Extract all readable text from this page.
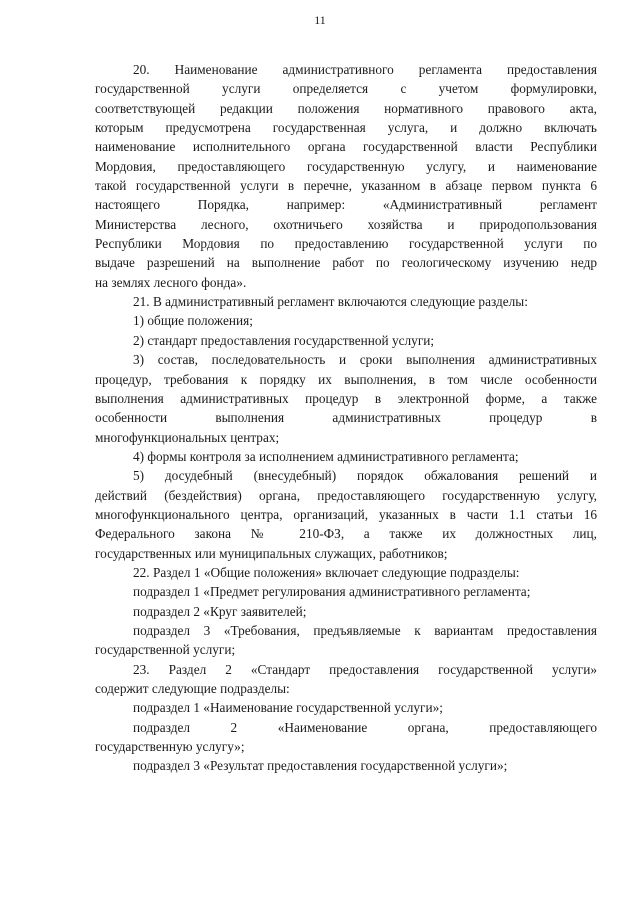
11
20. Наименование административного регламента предоставления
государственной услуги определяется с учетом формулировки,
соответствующей редакции положения нормативного правового акта,
которым предусмотрена государственная услуга, и должно включать
наименование исполнительного органа государственной власти Республики
Мордовия, предоставляющего государственную услугу, и наименование
такой государственной услуги в перечне, указанном в абзаце первом пункта 6
настоящего Порядка, например: «Административный регламент
Министерства лесного, охотничьего хозяйства и природопользования
Республики Мордовия по предоставлению государственной услуги по
выдаче разрешений на выполнение работ по геологическому изучению недр
на землях лесного фонда».
21. В административный регламент включаются следующие разделы:
1) общие положения;
2) стандарт предоставления государственной услуги;
3) состав, последовательность и сроки выполнения административных
процедур, требования к порядку их выполнения, в том числе особенности
выполнения административных процедур в электронной форме, а также
особенности выполнения административных процедур в
многофункциональных центрах;
4) формы контроля за исполнением административного регламента;
5) досудебный (внесудебный) порядок обжалования решений и
действий (бездействия) органа, предоставляющего государственную услугу,
многофункционального центра, организаций, указанных в части 1.1 статьи 16
Федерального закона № 210-ФЗ, а также их должностных лиц,
государственных или муниципальных служащих, работников;
22. Раздел 1 «Общие положения» включает следующие подразделы:
подраздел 1 «Предмет регулирования административного регламента;
подраздел 2 «Круг заявителей;
подраздел 3 «Требования, предъявляемые к вариантам предоставления
государственной услуги;
23. Раздел 2 «Стандарт предоставления государственной услуги»
содержит следующие подразделы:
подраздел 1 «Наименование государственной услуги»;
подраздел 2 «Наименование органа, предоставляющего
государственную услугу»;
подраздел 3 «Результат предоставления государственной услуги»;
